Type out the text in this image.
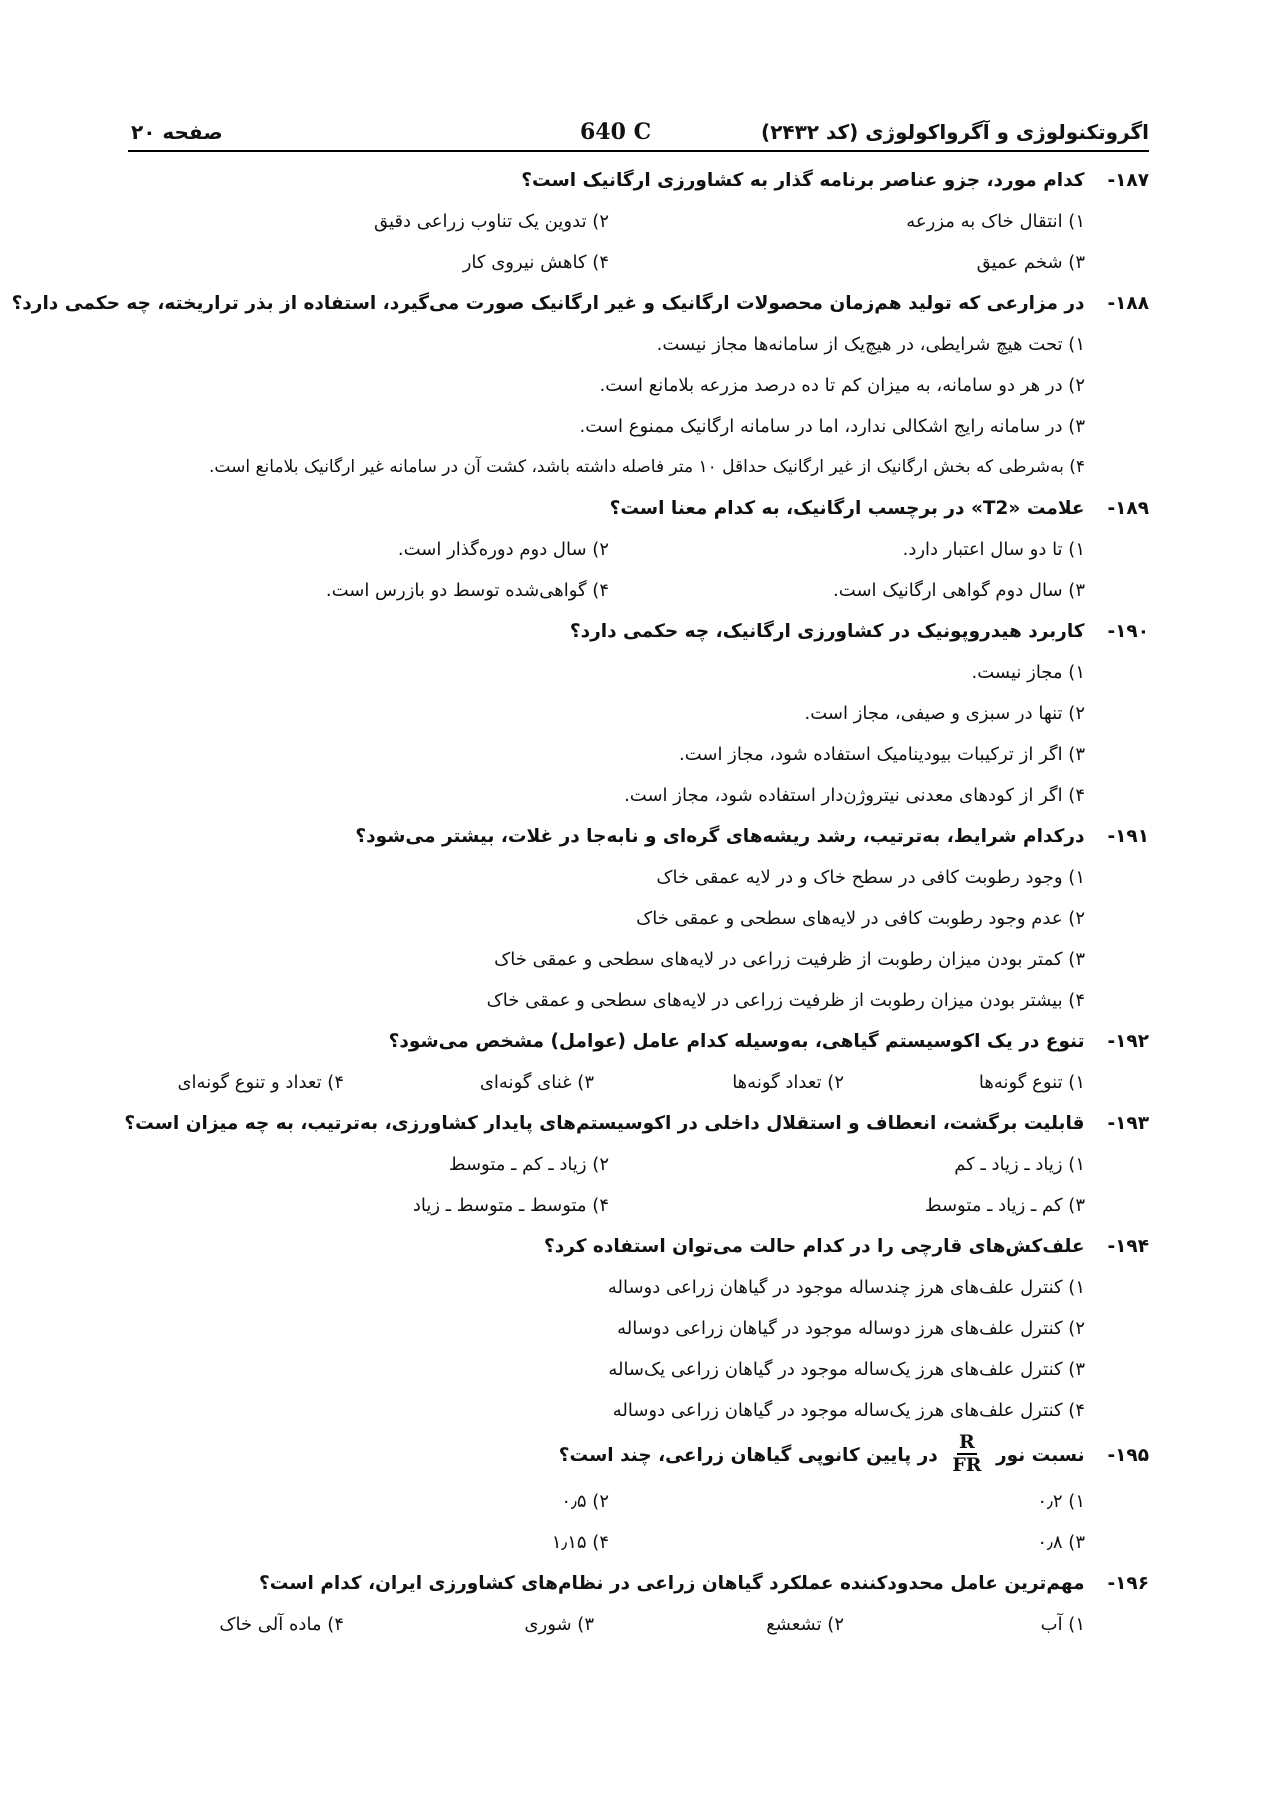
اگروتکنولوژی و آگرواکولوژی (کد ۲۴۳۲)
640 C
صفحه ۲۰
۱۸۷- کدام مورد، جزو عناصر برنامه گذار به کشاورزی ارگانیک است؟
۱) انتقال خاک به مزرعه
۲) تدوین یک تناوب زراعی دقیق
۳) شخم عمیق
۴) کاهش نیروی کار
۱۸۸- در مزارعی که تولید هم‌زمان محصولات ارگانیک و غیر ارگانیک صورت می‌گیرد، استفاده از بذر تراریخته، چه حکمی دارد؟
۱) تحت هیچ شرایطی، در هیچ‌یک از سامانه‌ها مجاز نیست.
۲) در هر دو سامانه، به میزان کم تا ده درصد مزرعه بلامانع است.
۳) در سامانه رایج اشکالی ندارد، اما در سامانه ارگانیک ممنوع است.
۴) به‌شرطی که بخش ارگانیک از غیر ارگانیک حداقل ۱۰ متر فاصله داشته باشد، کشت آن در سامانه غیر ارگانیک بلامانع است.
۱۸۹- علامت «T2» در برچسب ارگانیک، به کدام معنا است؟
۱) تا دو سال اعتبار دارد.
۲) سال دوم دوره‌گذار است.
۳) سال دوم گواهی ارگانیک است.
۴) گواهی‌شده توسط دو بازرس است.
۱۹۰- کاربرد هیدروپونیک در کشاورزی ارگانیک، چه حکمی دارد؟
۱) مجاز نیست.
۲) تنها در سبزی و صیفی، مجاز است.
۳) اگر از ترکیبات بیودینامیک استفاده شود، مجاز است.
۴) اگر از کودهای معدنی نیتروژن‌دار استفاده شود، مجاز است.
۱۹۱- درکدام شرایط، به‌ترتیب، رشد ریشه‌های گره‌ای و نابه‌جا در غلات، بیشتر می‌شود؟
۱) وجود رطوبت کافی در سطح خاک و در لایه عمقی خاک
۲) عدم وجود رطوبت کافی در لایه‌های سطحی و عمقی خاک
۳) کمتر بودن میزان رطوبت از ظرفیت زراعی در لایه‌های سطحی و عمقی خاک
۴) بیشتر بودن میزان رطوبت از ظرفیت زراعی در لایه‌های سطحی و عمقی خاک
۱۹۲- تنوع در یک اکوسیستم گیاهی، به‌وسیله کدام عامل (عوامل) مشخص می‌شود؟
۱) تنوع گونه‌ها
۲) تعداد گونه‌ها
۳) غنای گونه‌ای
۴) تعداد و تنوع گونه‌ای
۱۹۳- قابلیت برگشت، انعطاف و استقلال داخلی در اکوسیستم‌های پایدار کشاورزی، به‌ترتیب، به چه میزان است؟
۱) زیاد ـ زیاد ـ کم
۲) زیاد ـ کم ـ متوسط
۳) کم ـ زیاد ـ متوسط
۴) متوسط ـ متوسط ـ زیاد
۱۹۴- علف‌کش‌های قارچی را در کدام حالت می‌توان استفاده کرد؟
۱) کنترل علف‌های هرز چندساله موجود در گیاهان زراعی دوساله
۲) کنترل علف‌های هرز دوساله موجود در گیاهان زراعی دوساله
۳) کنترل علف‌های هرز یک‌ساله موجود در گیاهان زراعی یک‌ساله
۴) کنترل علف‌های هرز یک‌ساله موجود در گیاهان زراعی دوساله
۱۹۵- نسبت نور
$\frac{R}{FR}$
در پایین کانوپی گیاهان زراعی، چند است؟
۱) ۰٫۲
۲) ۰٫۵
۳) ۰٫۸
۴) ۱٫۱۵
۱۹۶- مهم‌ترین عامل محدودکننده عملکرد گیاهان زراعی در نظام‌های کشاورزی ایران، کدام است؟
۱) آب
۲) تشعشع
۳) شوری
۴) ماده آلی خاک
